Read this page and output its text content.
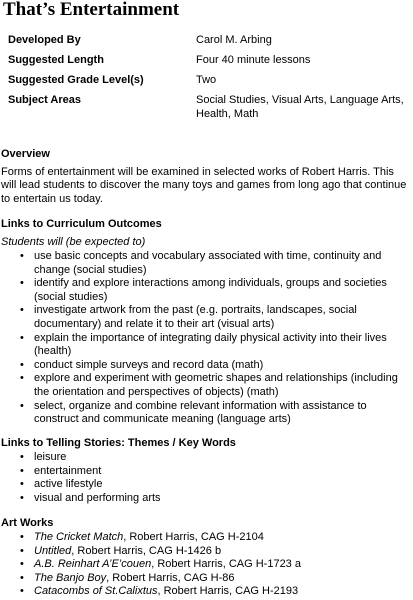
That’s Entertainment
Developed By	Carol M. Arbing
Suggested Length	Four 40 minute lessons
Suggested Grade Level(s)	Two
Subject Areas	Social Studies, Visual Arts, Language Arts, Health, Math
Overview

Forms of entertainment will be examined in selected works of Robert Harris. This will lead students to discover the many toys and games from long ago that continue to entertain us today.

Links to Curriculum Outcomes

Students will (be expected to)

• use basic concepts and vocabulary associated with time, continuity and change (social studies)
• identify and explore interactions among individuals, groups and societies (social studies)
• investigate artwork from the past (e.g. portraits, landscapes, social documentary) and relate it to their art (visual arts)
• explain the importance of integrating daily physical activity into their lives (health)
• conduct simple surveys and record data (math)
• explore and experiment with geometric shapes and relationships (including the orientation and perspectives of objects) (math)
• select, organize and combine relevant information with assistance to construct and communicate meaning (language arts)
Links to Telling Stories: Themes / Key Words
• leisure
• entertainment
• active lifestyle
• visual and performing arts
Art Works
• The Cricket Match, Robert Harris, CAG H-2104
• Untitled, Robert Harris, CAG H-1426 b
• A.B. Reinhart A’E’couen, Robert Harris, CAG H-1723 a
• The Banjo Boy, Robert Harris, CAG H-86
• Catacombs of St.Calixtus, Robert Harris, CAG H-2193
